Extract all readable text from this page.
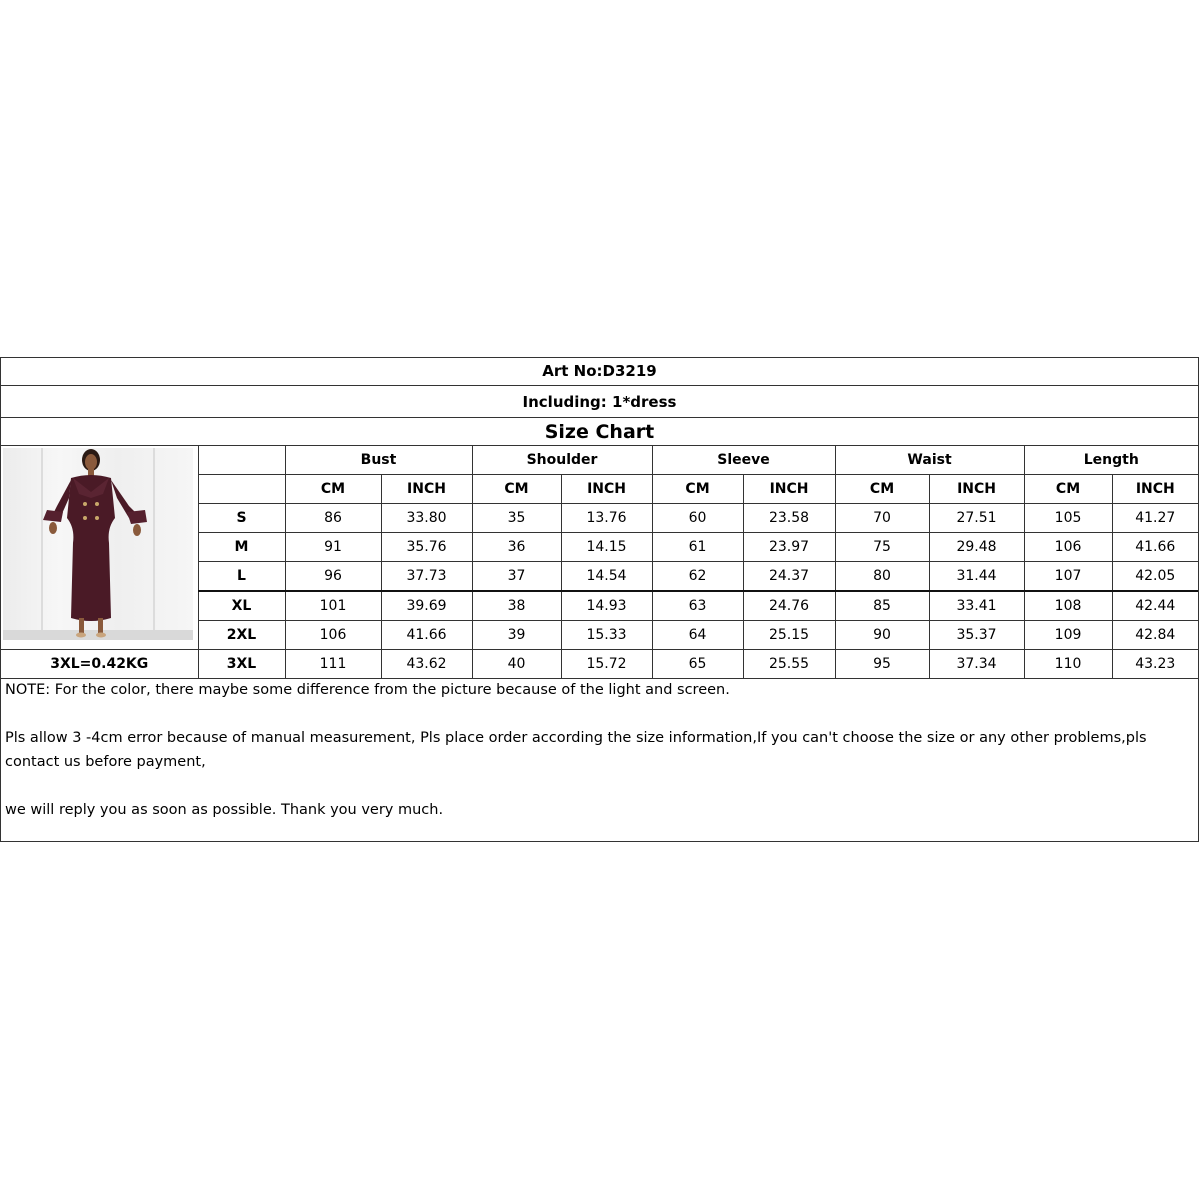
Art No:D3219
Including: 1*dress
Size Chart
		Bust		Shoulder		Sleeve		Waist		Length	
		CM	INCH	CM	INCH	CM	INCH	CM	INCH	CM	INCH
	S	86	33.80	35	13.76	60	23.58	70	27.51	105	41.27
	M	91	35.76	36	14.15	61	23.97	75	29.48	106	41.66
	L	96	37.73	37	14.54	62	24.37	80	31.44	107	42.05
	XL	101	39.69	38	14.93	63	24.76	85	33.41	108	42.44
	2XL	106	41.66	39	15.33	64	25.15	90	35.37	109	42.84
3XL=0.42KG	3XL	111	43.62	40	15.72	65	25.55	95	37.34	110	43.23

NOTE: For the color, there maybe some difference from the picture because of the light and screen.

Pls allow 3 -4cm error because of manual measurement, Pls place order according the size information,If you can't choose the size or any other problems,pls

contact us before payment,

we will reply you as soon as possible. Thank you very much.
